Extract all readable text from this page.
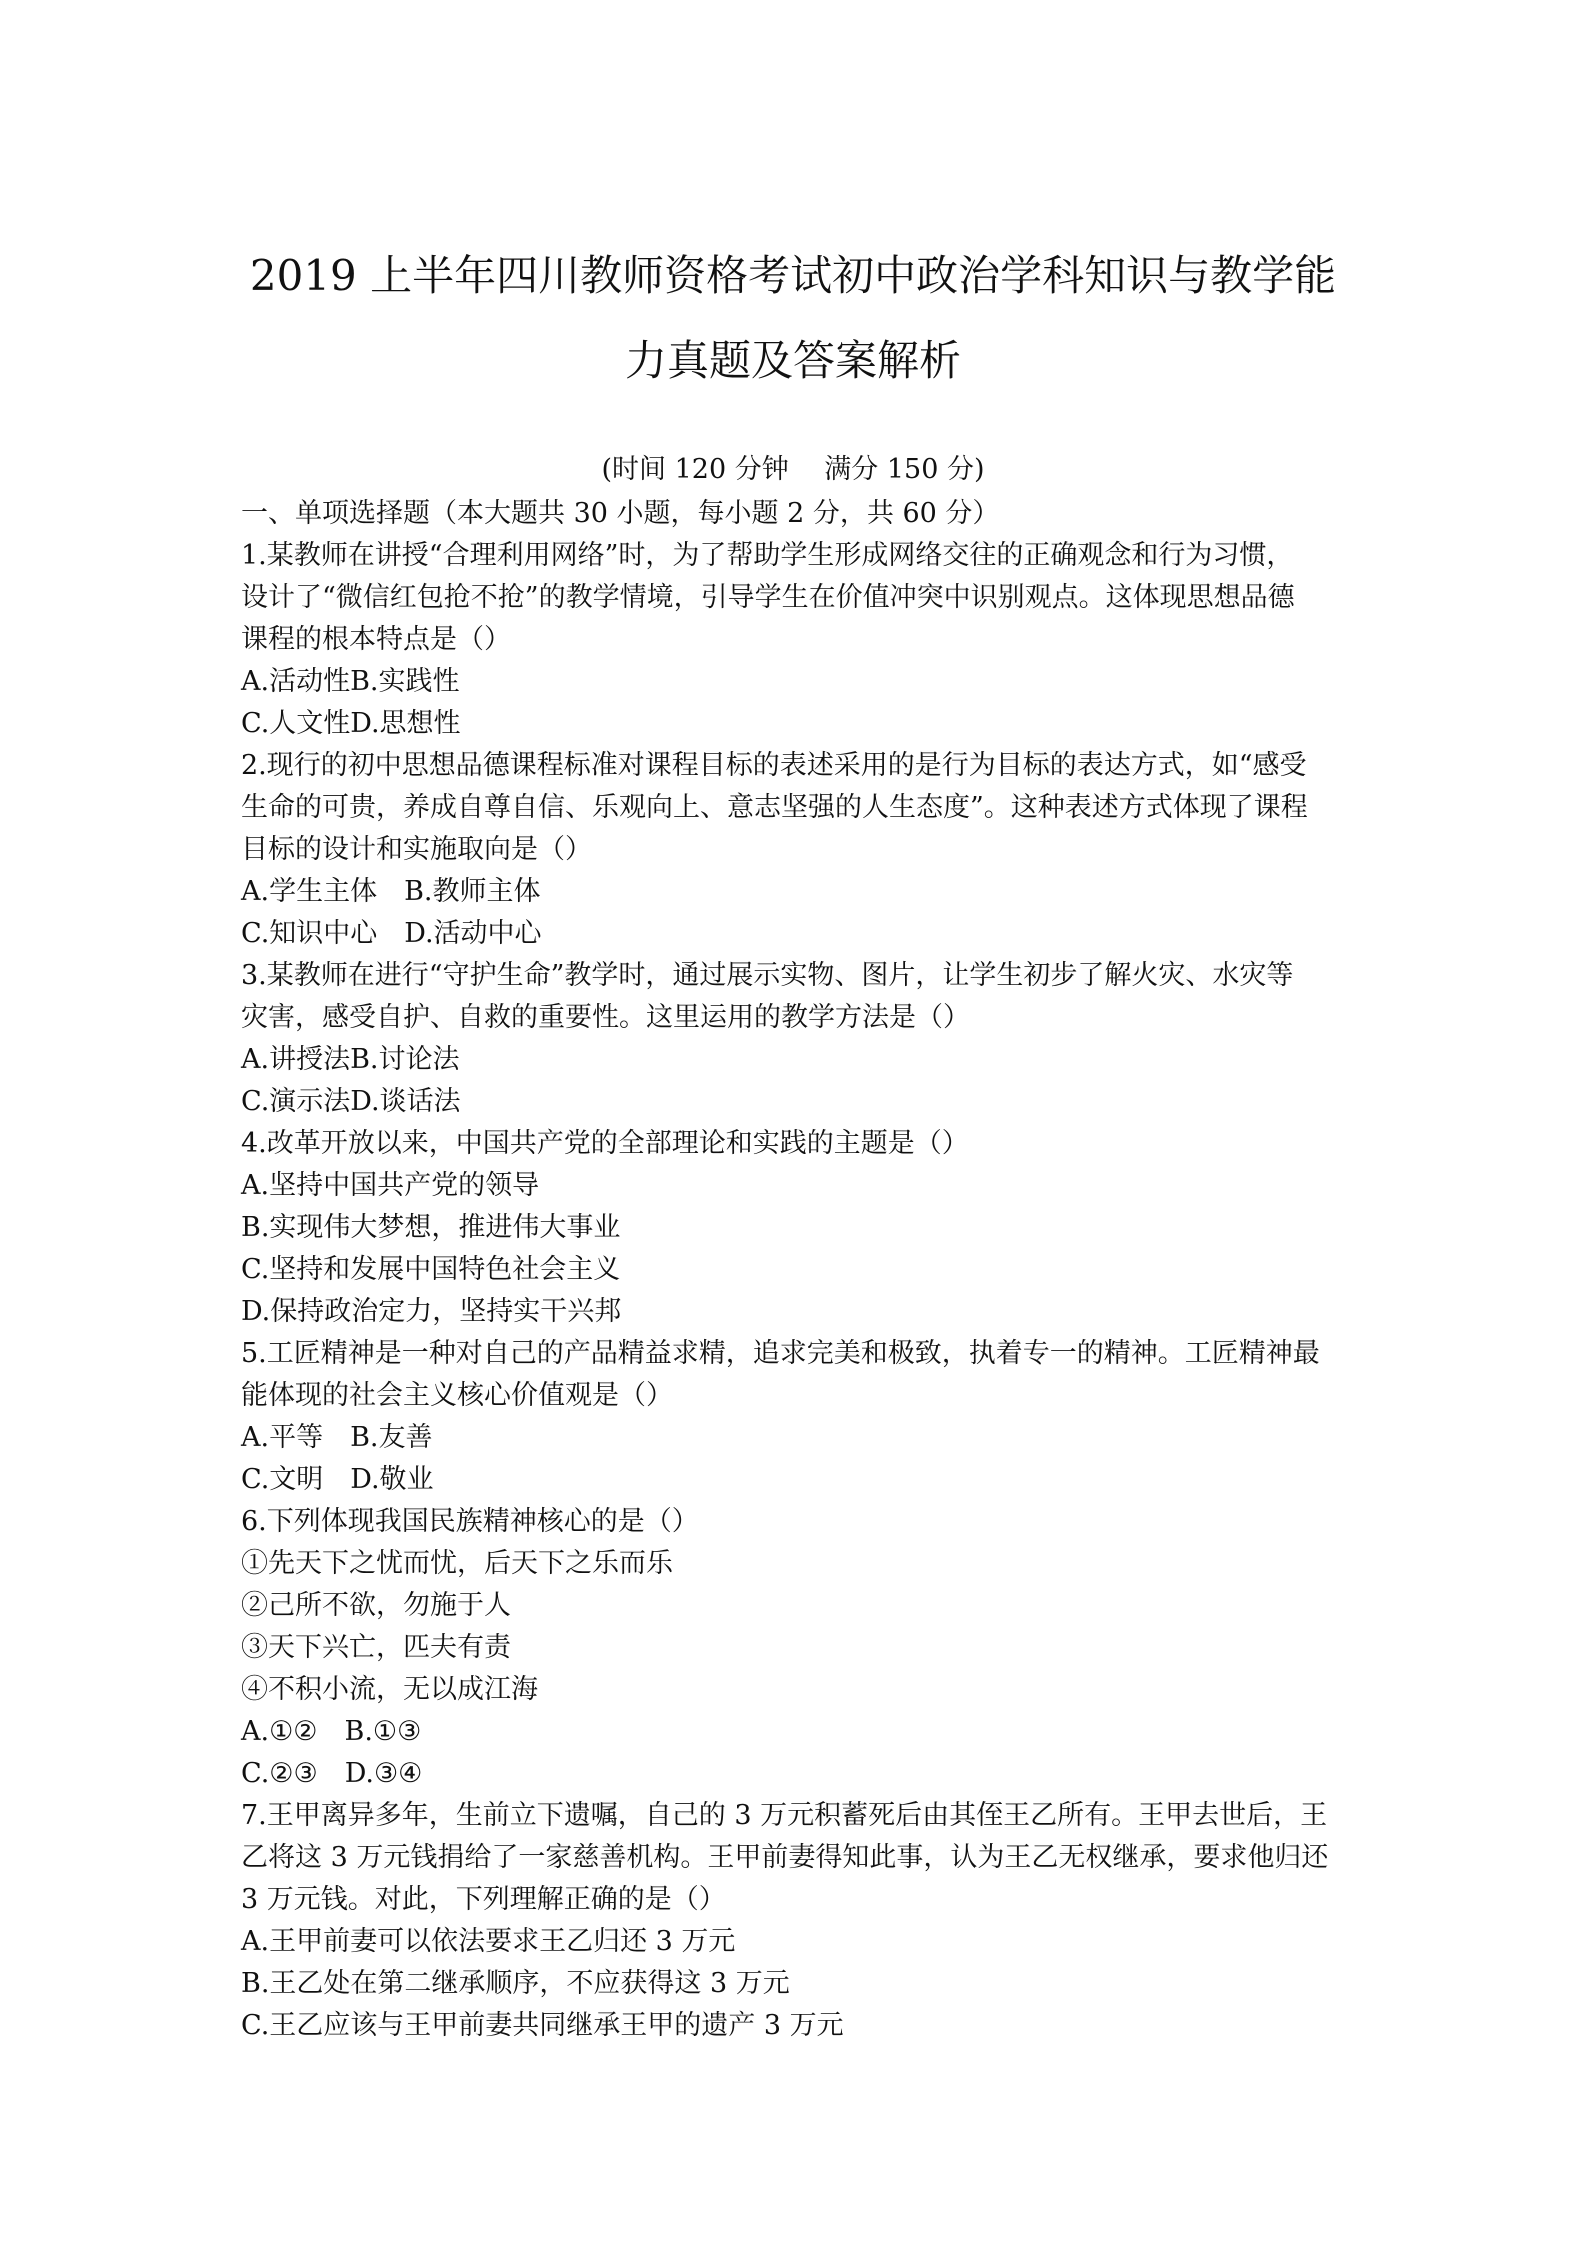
2019 上半年四川教师资格考试初中政治学科知识与教学能
力真题及答案解析
(时间 120 分钟　 满分 150 分)
一、单项选择题（本大题共 30 小题，每小题 2 分，共 60 分）
1.某教师在讲授“合理利用网络”时，为了帮助学生形成网络交往的正确观念和行为习惯，
设计了“微信红包抢不抢”的教学情境，引导学生在价值冲突中识别观点。这体现思想品德
课程的根本特点是（）
A.活动性B.实践性
C.人文性D.思想性
2.现行的初中思想品德课程标准对课程目标的表述采用的是行为目标的表达方式，如“感受
生命的可贵，养成自尊自信、乐观向上、意志坚强的人生态度”。这种表述方式体现了课程
目标的设计和实施取向是（）
A.学生主体　B.教师主体
C.知识中心　D.活动中心
3.某教师在进行“守护生命”教学时，通过展示实物、图片，让学生初步了解火灾、水灾等
灾害，感受自护、自救的重要性。这里运用的教学方法是（）
A.讲授法B.讨论法
C.演示法D.谈话法
4.改革开放以来，中国共产党的全部理论和实践的主题是（）
A.坚持中国共产党的领导
B.实现伟大梦想，推进伟大事业
C.坚持和发展中国特色社会主义
D.保持政治定力，坚持实干兴邦
5.工匠精神是一种对自己的产品精益求精，追求完美和极致，执着专一的精神。工匠精神最
能体现的社会主义核心价值观是（）
A.平等　B.友善
C.文明　D.敬业
6.下列体现我国民族精神核心的是（）
①先天下之忧而忧，后天下之乐而乐
②己所不欲，勿施于人
③天下兴亡，匹夫有责
④不积小流，无以成江海
A.①②　B.①③
C.②③　D.③④
7.王甲离异多年，生前立下遗嘱，自己的 3 万元积蓄死后由其侄王乙所有。王甲去世后，王
乙将这 3 万元钱捐给了一家慈善机构。王甲前妻得知此事，认为王乙无权继承，要求他归还
3 万元钱。对此，下列理解正确的是（）
A.王甲前妻可以依法要求王乙归还 3 万元
B.王乙处在第二继承顺序，不应获得这 3 万元
C.王乙应该与王甲前妻共同继承王甲的遗产 3 万元
